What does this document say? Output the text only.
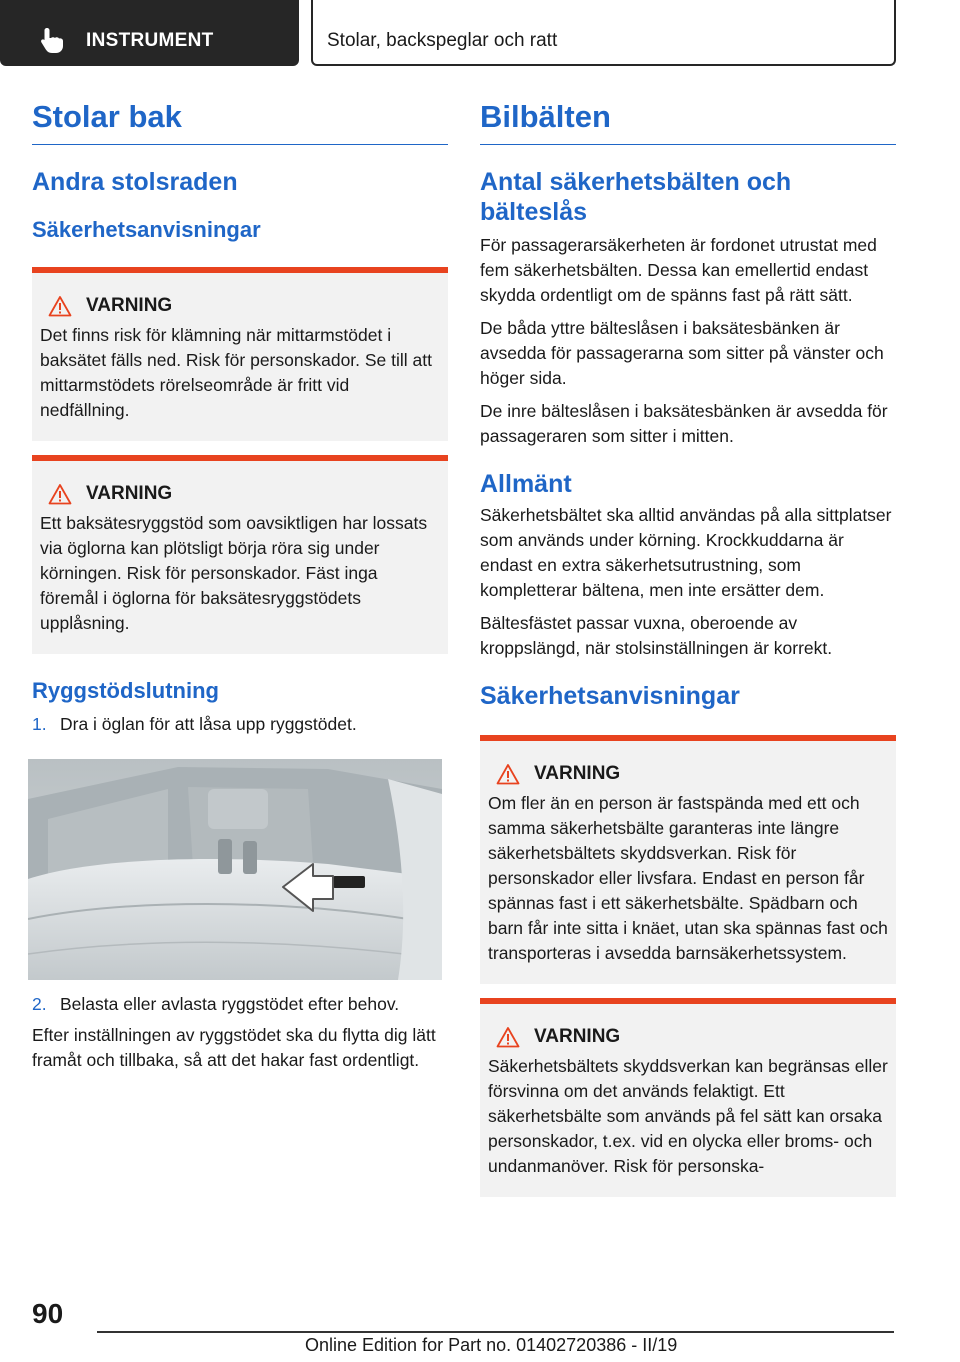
INSTRUMENT	Stolar, backspeglar och ratt
Stolar bak
Andra stolsraden
Säkerhetsanvisningar
VARNING

Det finns risk för klämning när mittarmstödet i baksätet fälls ned. Risk för personskador. Se till att mittarmstödets rörelseområde är fritt vid nedfällning.

VARNING

Ett baksätesryggstöd som oavsiktligen har lossats via öglorna kan plötsligt börja röra sig under körningen. Risk för personskador. Fäst inga föremål i öglorna för baksätesryggstödets upplåsning.

Ryggstödslutning
1. Dra i öglan för att låsa upp ryggstödet.
2. Belasta eller avlasta ryggstödet efter behov.

Efter inställningen av ryggstödet ska du flytta dig lätt framåt och tillbaka, så att det hakar fast ordentligt.

Bilbälten
Antal säkerhetsbälten och bälteslås

För passagerarsäkerheten är fordonet utrustat med fem säkerhetsbälten. Dessa kan emellertid endast skydda ordentligt om de spänns fast på rätt sätt.

De båda yttre bälteslåsen i baksätesbänken är avsedda för passagerarna som sitter på vänster och höger sida.

De inre bälteslåsen i baksätesbänken är avsedda för passageraren som sitter i mitten.

Allmänt

Säkerhetsbältet ska alltid användas på alla sittplatser som används under körning. Krockkuddarna är endast en extra säkerhetsutrustning, som kompletterar bältena, men inte ersätter dem.

Bältesfästet passar vuxna, oberoende av kroppslängd, när stolsinställningen är korrekt.

Säkerhetsanvisningar
VARNING

Om fler än en person är fastspända med ett och samma säkerhetsbälte garanteras inte längre säkerhetsbältets skyddsverkan. Risk för personskador eller livsfara. Endast en person får spännas fast i ett säkerhetsbälte. Spädbarn och barn får inte sitta i knäet, utan ska spännas fast och transporteras i avsedda barnsäkerhetssystem.

VARNING

Säkerhetsbältets skyddsverkan kan begränsas eller försvinna om det används felaktigt. Ett säkerhetsbälte som används på fel sätt kan orsaka personskador, t.ex. vid en olycka eller broms- och undanmanöver. Risk för personska-

90
Online Edition for Part no. 01402720386 - II/19
